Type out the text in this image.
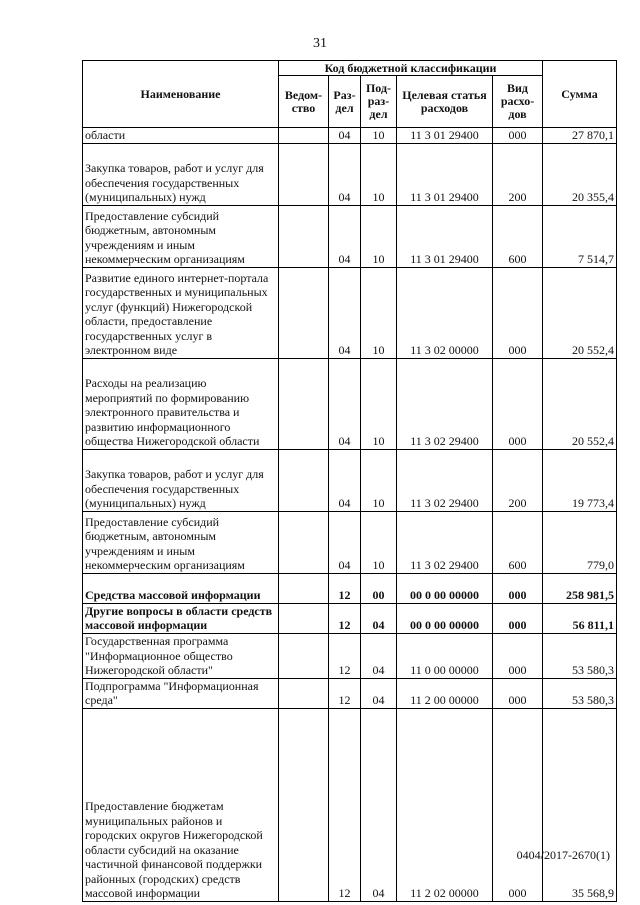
31
Наименование	Код бюджетной классификации					Сумма
	Ведом-ство	Раз-дел	Под-раз-дел	Целевая статья расходов	Вид расхо-дов	
области		04	10	11 3 01 29400	000	27 870,1
Закупка товаров, работ и услуг для обеспечения государственных (муниципальных) нужд		04	10	11 3 01 29400	200	20 355,4
Предоставление субсидий бюджетным, автономным учреждениям и иным некоммерческим организациям		04	10	11 3 01 29400	600	7 514,7
Развитие единого интернет-портала государственных и муниципальных услуг (функций) Нижегородской области, предоставление государственных услуг в электронном виде		04	10	11 3 02 00000	000	20 552,4
Расходы на реализацию мероприятий по формированию электронного правительства и развитию информационного общества Нижегородской области		04	10	11 3 02 29400	000	20 552,4
Закупка товаров, работ и услуг для обеспечения государственных (муниципальных) нужд		04	10	11 3 02 29400	200	19 773,4
Предоставление субсидий бюджетным, автономным учреждениям и иным некоммерческим организациям		04	10	11 3 02 29400	600	779,0
Средства массовой информации		12	00	00 0 00 00000	000	258 981,5
Другие вопросы в области средств массовой информации		12	04	00 0 00 00000	000	56 811,1
Государственная программа "Информационное общество Нижегородской области"		12	04	11 0 00 00000	000	53 580,3
Подпрограмма "Информационная среда"		12	04	11 2 00 00000	000	53 580,3
Предоставление бюджетам муниципальных районов и городских округов Нижегородской области субсидий на оказание частичной финансовой поддержки районных (городских) средств массовой информации		12	04	11 2 02 00000	000	35 568,9
0404/2017-2670(1)
